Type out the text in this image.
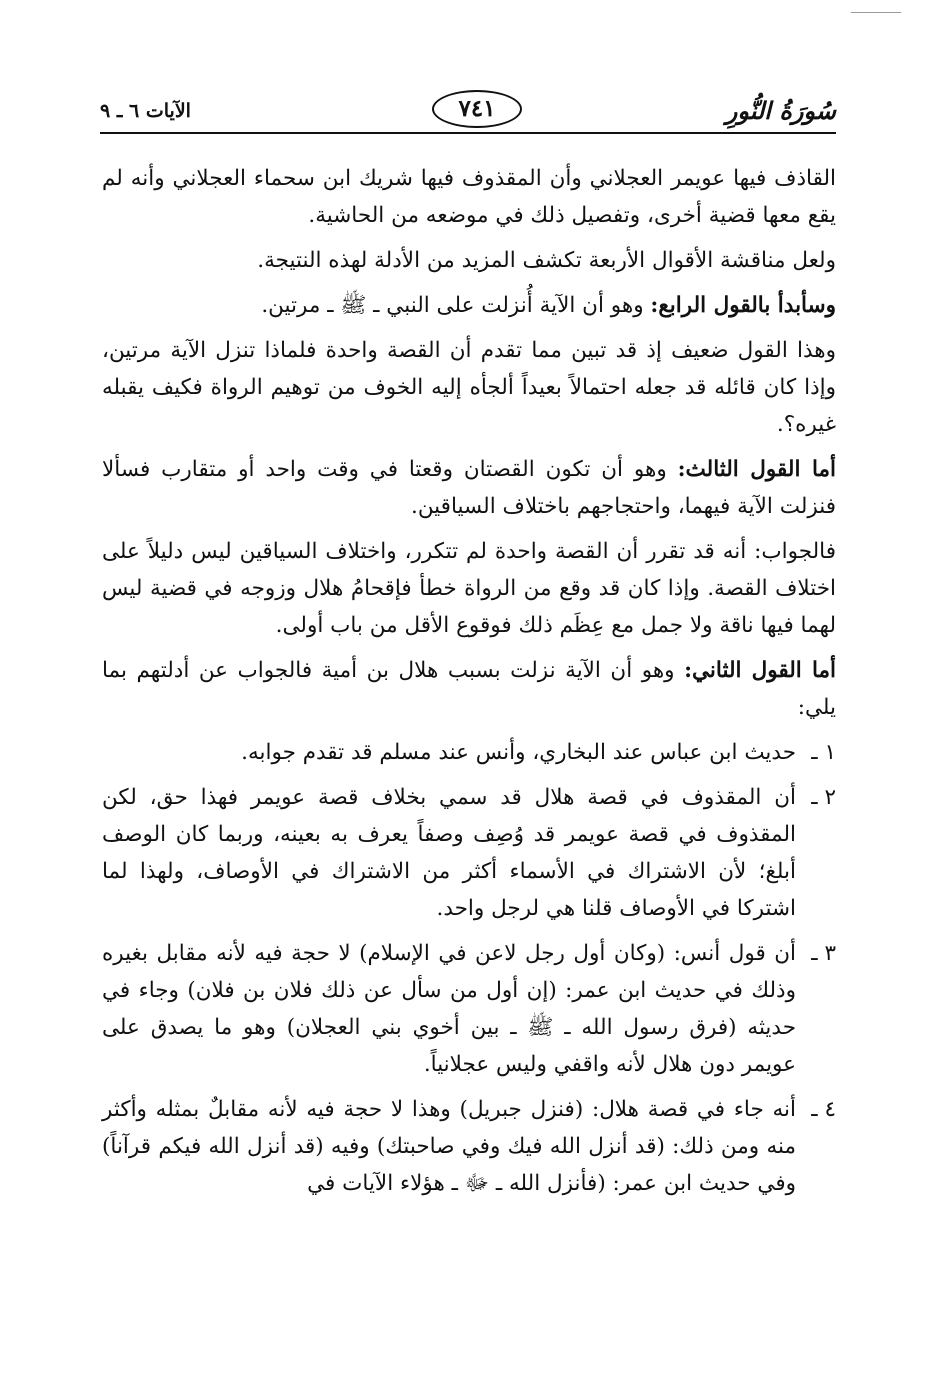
سُورَةُ النُّورِ
٧٤١
الآيات ٦ ـ ٩

القاذف فيها عويمر العجلاني وأن المقذوف فيها شريك ابن سحماء العجلاني وأنه لم يقع معها قضية أخرى، وتفصيل ذلك في موضعه من الحاشية.

ولعل مناقشة الأقوال الأربعة تكشف المزيد من الأدلة لهذه النتيجة.

وسأبدأ بالقول الرابع: وهو أن الآية أُنزلت على النبي ـ ﷺ ـ مرتين.

وهذا القول ضعيف إذ قد تبين مما تقدم أن القصة واحدة فلماذا تنزل الآية مرتين، وإذا كان قائله قد جعله احتمالاً بعيداً ألجأه إليه الخوف من توهيم الرواة فكيف يقبله غيره؟.

أما القول الثالث: وهو أن تكون القصتان وقعتا في وقت واحد أو متقارب فسألا فنزلت الآية فيهما، واحتجاجهم باختلاف السياقين.

فالجواب: أنه قد تقرر أن القصة واحدة لم تتكرر، واختلاف السياقين ليس دليلاً على اختلاف القصة. وإذا كان قد وقع من الرواة خطأ فإقحامُ هلال وزوجه في قضية ليس لهما فيها ناقة ولا جمل مع عِظَم ذلك فوقوع الأقل من باب أولى.

أما القول الثاني: وهو أن الآية نزلت بسبب هلال بن أمية فالجواب عن أدلتهم بما يلي:

١ ـ
حديث ابن عباس عند البخاري، وأنس عند مسلم قد تقدم جوابه.
٢ ـ
أن المقذوف في قصة هلال قد سمي بخلاف قصة عويمر فهذا حق، لكن المقذوف في قصة عويمر قد وُصِف وصفاً يعرف به بعينه، وربما كان الوصف أبلغ؛ لأن الاشتراك في الأسماء أكثر من الاشتراك في الأوصاف، ولهذا لما اشتركا في الأوصاف قلنا هي لرجل واحد.
٣ ـ
أن قول أنس: (وكان أول رجل لاعن في الإسلام) لا حجة فيه لأنه مقابل بغيره وذلك في حديث ابن عمر: (إن أول من سأل عن ذلك فلان بن فلان) وجاء في حديثه (فرق رسول الله ـ ﷺ ـ بين أخوي بني العجلان) وهو ما يصدق على عويمر دون هلال لأنه واقفي وليس عجلانياً.
٤ ـ
أنه جاء في قصة هلال: (فنزل جبريل) وهذا لا حجة فيه لأنه مقابلٌ بمثله وأكثر منه ومن ذلك: (قد أنزل الله فيك وفي صاحبتك) وفيه (قد أنزل الله فيكم قرآناً) وفي حديث ابن عمر: (فأنزل الله ـ ﷻ ـ هؤلاء الآيات في
